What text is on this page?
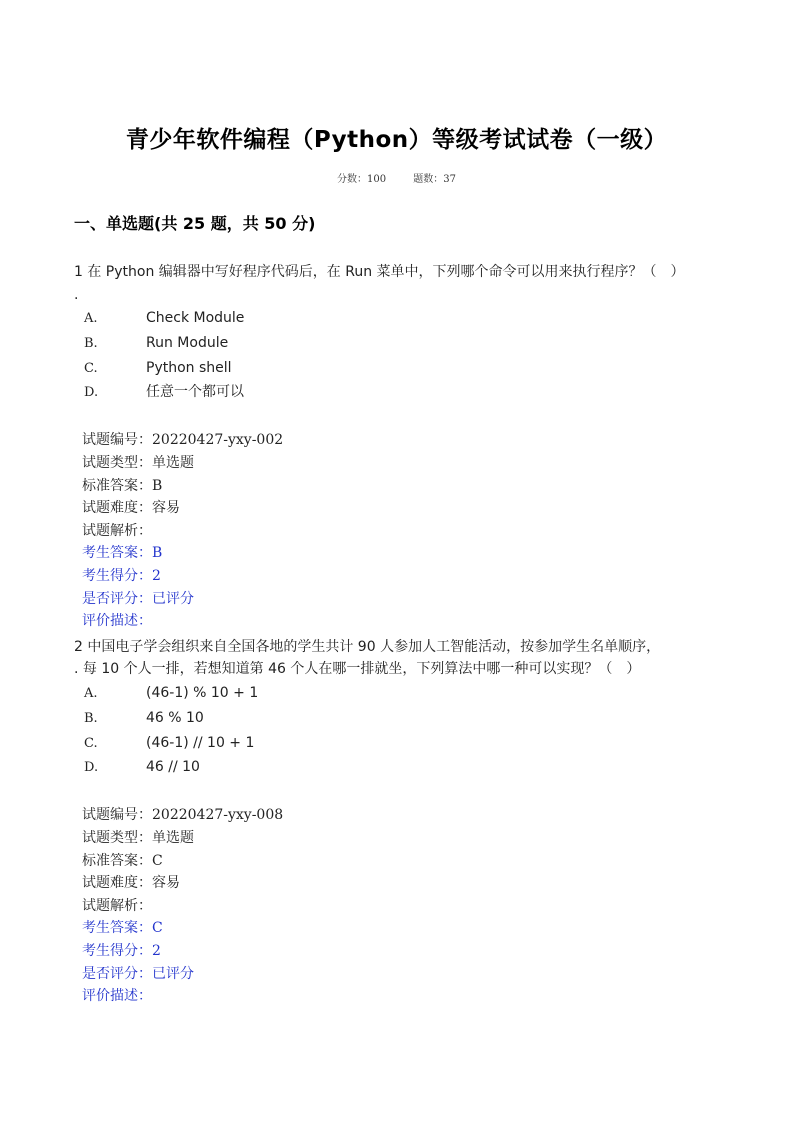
青少年软件编程（Python）等级考试试卷（一级）
分数：100	题数：37
一、单选题(共 25 题，共 50 分)
1 在 Python 编辑器中写好程序代码后，在 Run 菜单中，下列哪个命令可以用来执行程序？（　）
.
A.	Check Module
B.	Run Module
C.	Python shell
D.	任意一个都可以
试题编号：20220427-yxy-002
试题类型：单选题
标准答案：B
试题难度：容易
试题解析：
考生答案：B
考生得分：2
是否评分：已评分
评价描述：
2 中国电子学会组织来自全国各地的学生共计 90 人参加人工智能活动，按参加学生名单顺序，
. 每 10 个人一排，若想知道第 46 个人在哪一排就坐，下列算法中哪一种可以实现？（　）
A.	(46-1) % 10 + 1
B.	46 % 10
C.	(46-1) // 10 + 1
D.	46 // 10
试题编号：20220427-yxy-008
试题类型：单选题
标准答案：C
试题难度：容易
试题解析：
考生答案：C
考生得分：2
是否评分：已评分
评价描述：
